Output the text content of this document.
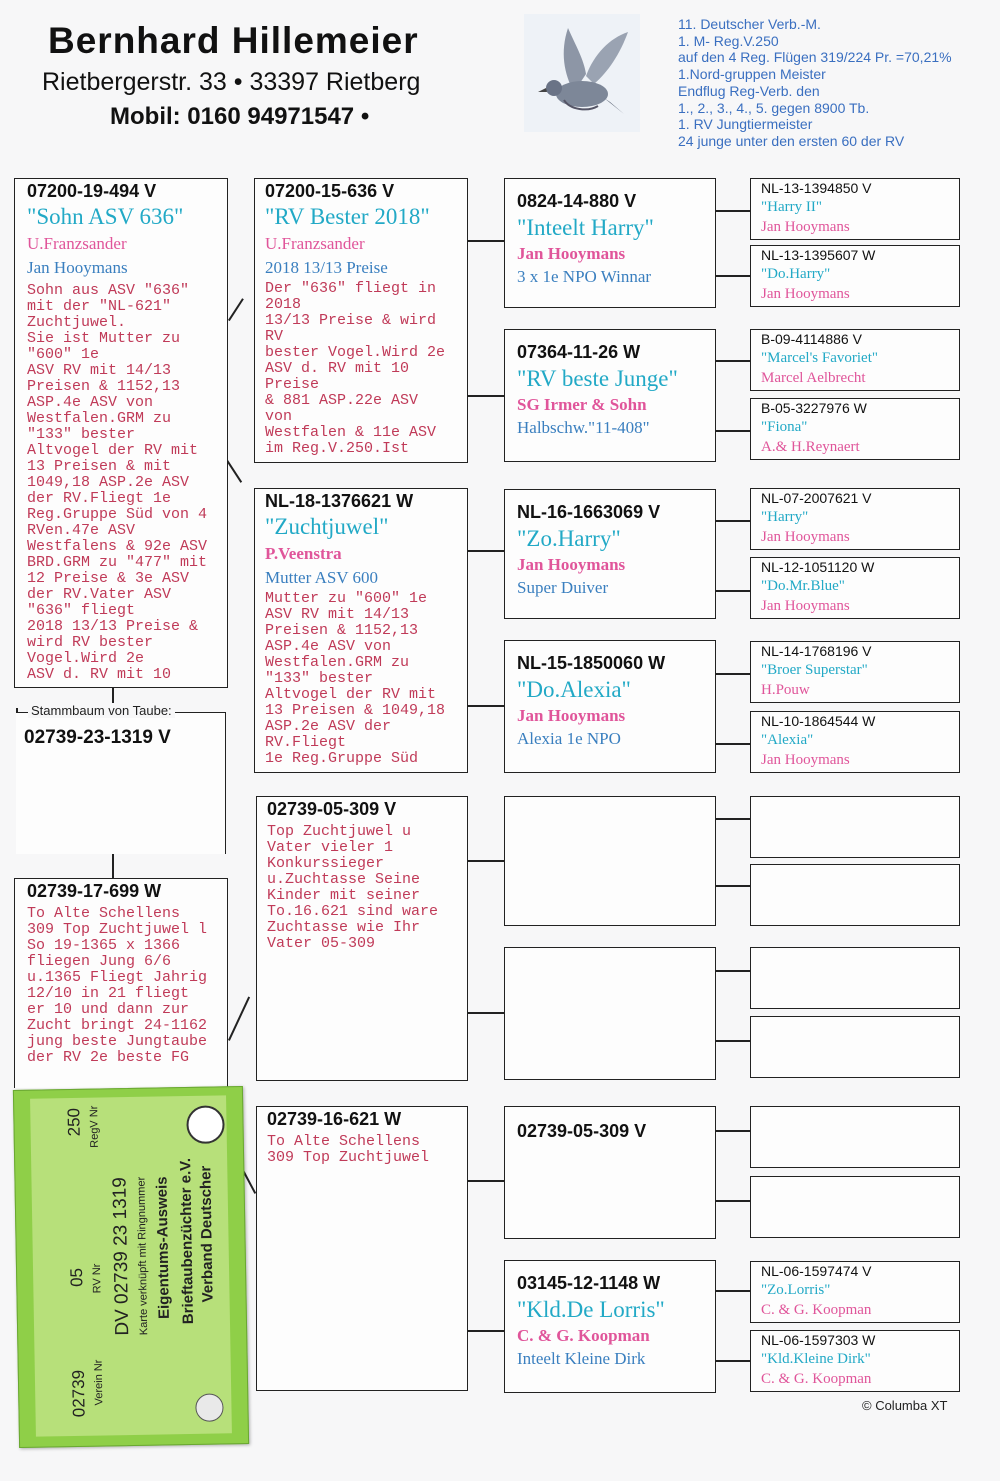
Bernhard Hillemeier
Rietbergerstr. 33 • 33397 Rietberg
Mobil: 0160 94971547 •
11. Deutscher Verb.-M.
1. M- Reg.V.250
auf den 4 Reg. Flügen 319/224 Pr. =70,21%
1.Nord-gruppen Meister
Endflug Reg-Verb. den
1., 2., 3., 4., 5. gegen 8900 Tb.
1. RV Jungtiermeister
24 junge unter den ersten 60 der RV
07200-19-494 V
"Sohn ASV 636"
U.Franzsander
Jan Hooymans
Sohn aus ASV "636"
mit der "NL-621"
Zuchtjuwel.
Sie ist Mutter zu
"600" 1e
ASV RV mit 14/13
Preisen & 1152,13
ASP.4e ASV von
Westfalen.GRM zu
"133" bester
Altvogel der RV mit
13 Preisen & mit
1049,18 ASP.2e ASV
der RV.Fliegt 1e
Reg.Gruppe Süd von 4
RVen.47e ASV
Westfalens & 92e ASV
BRD.GRM zu "477" mit
12 Preise & 3e ASV
der RV.Vater ASV
"636" fliegt
2018 13/13 Preise &
wird RV bester
Vogel.Wird 2e
ASV d. RV mit 10
02739-23-1319 V
Stammbaum von Taube:
02739-17-699 W
To Alte Schellens
309 Top Zuchtjuwel l
So 19-1365 x 1366
fliegen Jung 6/6
u.1365 Fliegt Jahrig
12/10 in 21 fliegt
er 10 und dann zur
Zucht bringt 24-1162
jung beste Jungtaube
der RV 2e beste FG
07200-15-636 V
"RV Bester 2018"
U.Franzsander
2018 13/13 Preise
Der "636" fliegt in
2018
13/13 Preise & wird
RV
bester Vogel.Wird 2e
ASV d. RV mit 10
Preise
& 881 ASP.22e ASV
von
Westfalen & 11e ASV
im Reg.V.250.Ist
NL-18-1376621 W
"Zuchtjuwel"
P.Veenstra
Mutter ASV 600
Mutter zu "600" 1e
ASV RV mit 14/13
Preisen & 1152,13
ASP.4e ASV von
Westfalen.GRM zu
"133" bester
Altvogel der RV mit
13 Preisen & 1049,18
ASP.2e ASV der
RV.Fliegt
1e Reg.Gruppe Süd
02739-05-309 V
Top Zuchtjuwel u
Vater vieler 1
Konkurssieger
u.Zuchtasse Seine
Kinder mit seiner
To.16.621 sind ware
Zuchtasse wie Ihr
Vater 05-309
02739-16-621 W
To Alte Schellens
309 Top Zuchtjuwel
0824-14-880 V
"Inteelt Harry"
Jan Hooymans
3 x 1e NPO Winnar
07364-11-26 W
"RV beste Junge"
SG Irmer & Sohn
Halbschw."11-408"
NL-16-1663069 V
"Zo.Harry"
Jan Hooymans
Super Duiver
NL-15-1850060 W
"Do.Alexia"
Jan Hooymans
Alexia 1e NPO
02739-05-309 V
03145-12-1148 W
"Kld.De Lorris"
C. & G. Koopman
Inteelt Kleine Dirk
NL-13-1394850 V
"Harry II"
Jan Hooymans
NL-13-1395607 W
"Do.Harry"
Jan Hooymans
B-09-4114886 V
"Marcel's Favoriet"
Marcel Aelbrecht
B-05-3227976 W
"Fiona"
A.& H.Reynaert
NL-07-2007621 V
"Harry"
Jan Hooymans
NL-12-1051120 W
"Do.Mr.Blue"
Jan Hooymans
NL-14-1768196 V
"Broer Superstar"
H.Pouw
NL-10-1864544 W
"Alexia"
Jan Hooymans
NL-06-1597474 V
"Zo.Lorris"
C. & G. Koopman
NL-06-1597303 W
"Kld.Kleine Dirk"
C. & G. Koopman
Verband Deutscher
Brieftaubenzüchter e.V.
Eigentums-Ausweis
Karte verknüpft mit Ringnummer
DV 02739 23 1319
RegV Nr
250
RV Nr
05
Verein Nr
02739	© Columba XT
